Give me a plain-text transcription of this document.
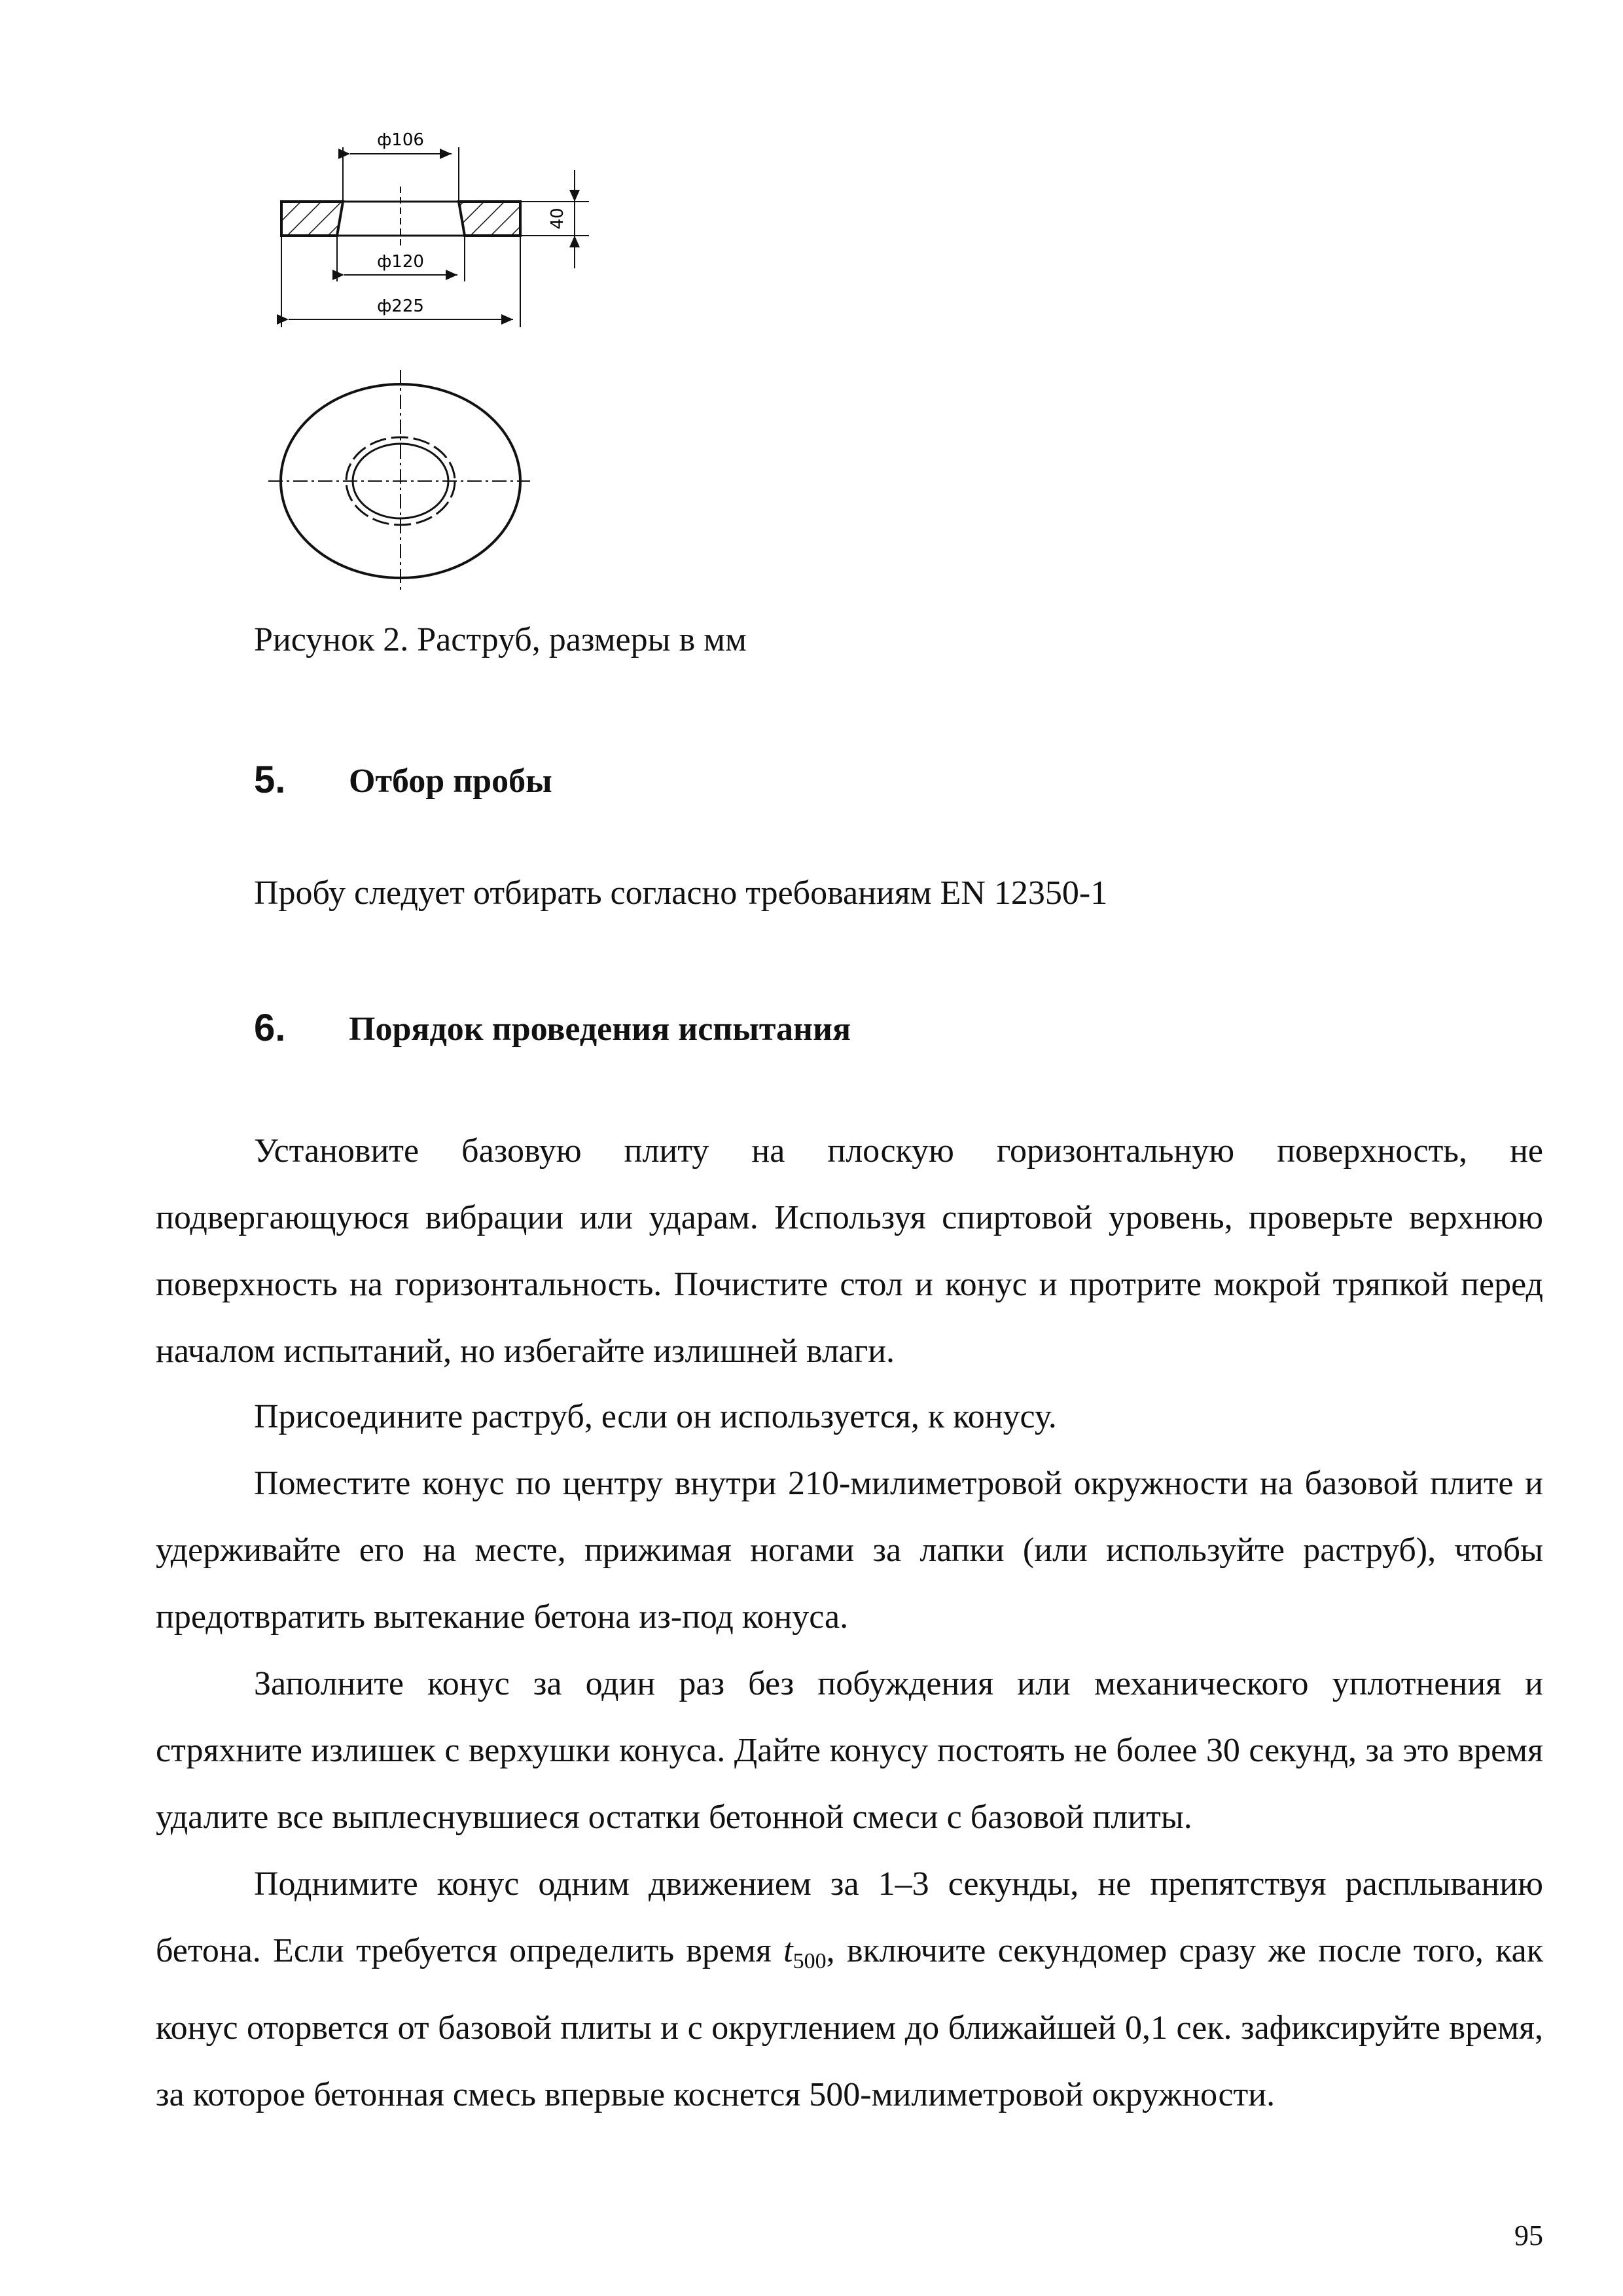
ф106
ф120
ф225
40
Рисунок 2. Раструб, размеры в мм
5. Отбор пробы
Пробу следует отбирать согласно требованиям EN 12350-1
6. Порядок проведения испытания

Установите базовую плиту на плоскую горизонтальную поверхность, не подвергающуюся вибрации или ударам. Используя спиртовой уровень, проверьте верхнюю поверхность на горизонтальность. Почистите стол и конус и протрите мокрой тряпкой перед началом испытаний, но избегайте излишней влаги.

Присоедините раструб, если он используется, к конусу.

Поместите конус по центру внутри 210-милиметровой окружности на базовой плите и удерживайте его на месте, прижимая ногами за лапки (или используйте раструб), чтобы предотвратить вытекание бетона из-под конуса.

Заполните конус за один раз без побуждения или механического уплотнения и стряхните излишек с верхушки конуса. Дайте конусу постоять не более 30 секунд, за это время удалите все выплеснувшиеся остатки бетонной смеси с базовой плиты.

Поднимите конус одним движением за 1–3 секунды, не препятствуя расплыванию бетона. Если требуется определить время $t_{500}$, включите секундомер сразу же после того, как конус оторвется от базовой плиты и с округлением до ближайшей 0,1 сек. зафиксируйте время, за которое бетонная смесь впервые коснется 500-милиметровой окружности.

95
